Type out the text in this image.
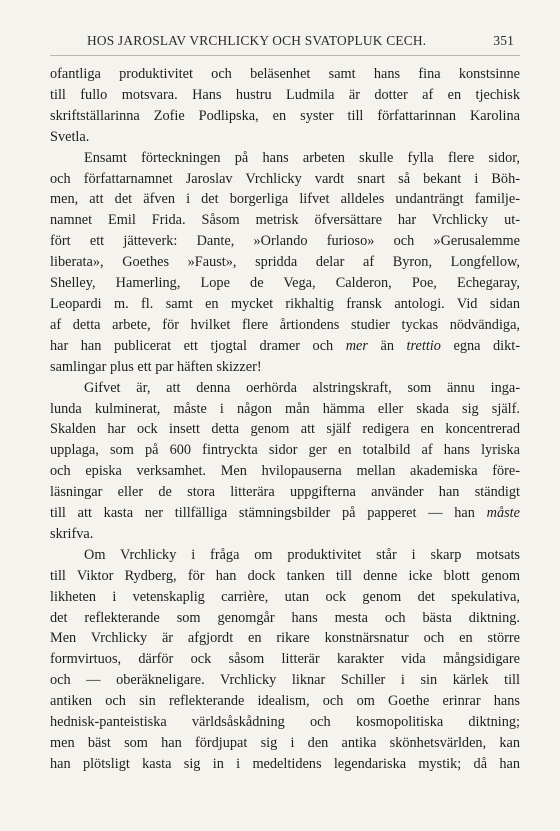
HOS JAROSLAV VRCHLICKY OCH SVATOPLUK CECH.	351
ofantliga produktivitet och beläsenhet samt hans fina konstsinne
till fullo motsvara. Hans hustru Ludmila är dotter af en tjechisk
skriftställarinna Zofie Podlipska, en syster till författarinnan Karolina
Svetla.
Ensamt förteckningen på hans arbeten skulle fylla flere sidor,
och författarnamnet Jaroslav Vrchlicky vardt snart så bekant i Böh-
men, att det äfven i det borgerliga lifvet alldeles undanträngt familje-
namnet Emil Frida. Såsom metrisk öfversättare har Vrchlicky ut-
fört ett jätteverk: Dante, »Orlando furioso» och »Gerusalemme
liberata», Goethes »Faust», spridda delar af Byron, Longfellow,
Shelley, Hamerling, Lope de Vega, Calderon, Poe, Echegaray,
Leopardi m. fl. samt en mycket rikhaltig fransk antologi. Vid sidan
af detta arbete, för hvilket flere årtiondens studier tyckas nödvändiga,
har han publicerat ett tjogtal dramer och mer än trettio egna dikt-
samlingar plus ett par häften skizzer!
Gifvet är, att denna oerhörda alstringskraft, som ännu inga-
lunda kulminerat, måste i någon mån hämma eller skada sig själf.
Skalden har ock insett detta genom att själf redigera en koncentrerad
upplaga, som på 600 fintryckta sidor ger en totalbild af hans lyriska
och episka verksamhet. Men hvilopauserna mellan akademiska före-
läsningar eller de stora litterära uppgifterna använder han ständigt
till att kasta ner tillfälliga stämningsbilder på papperet — han måste
skrifva.
Om Vrchlicky i fråga om produktivitet står i skarp motsats
till Viktor Rydberg, för han dock tanken till denne icke blott genom
likheten i vetenskaplig carrière, utan ock genom det spekulativa,
det reflekterande som genomgår hans mesta och bästa diktning.
Men Vrchlicky är afgjordt en rikare konstnärsnatur och en större
formvirtuos, därför ock såsom litterär karakter vida mångsidigare
och — oberäkneligare. Vrchlicky liknar Schiller i sin kärlek till
antiken och sin reflekterande idealism, och om Goethe erinrar hans
hednisk-panteistiska världsåskådning och kosmopolitiska diktning;
men bäst som han fördjupat sig i den antika skönhetsvärlden, kan
han plötsligt kasta sig in i medeltidens legendariska mystik; då han
